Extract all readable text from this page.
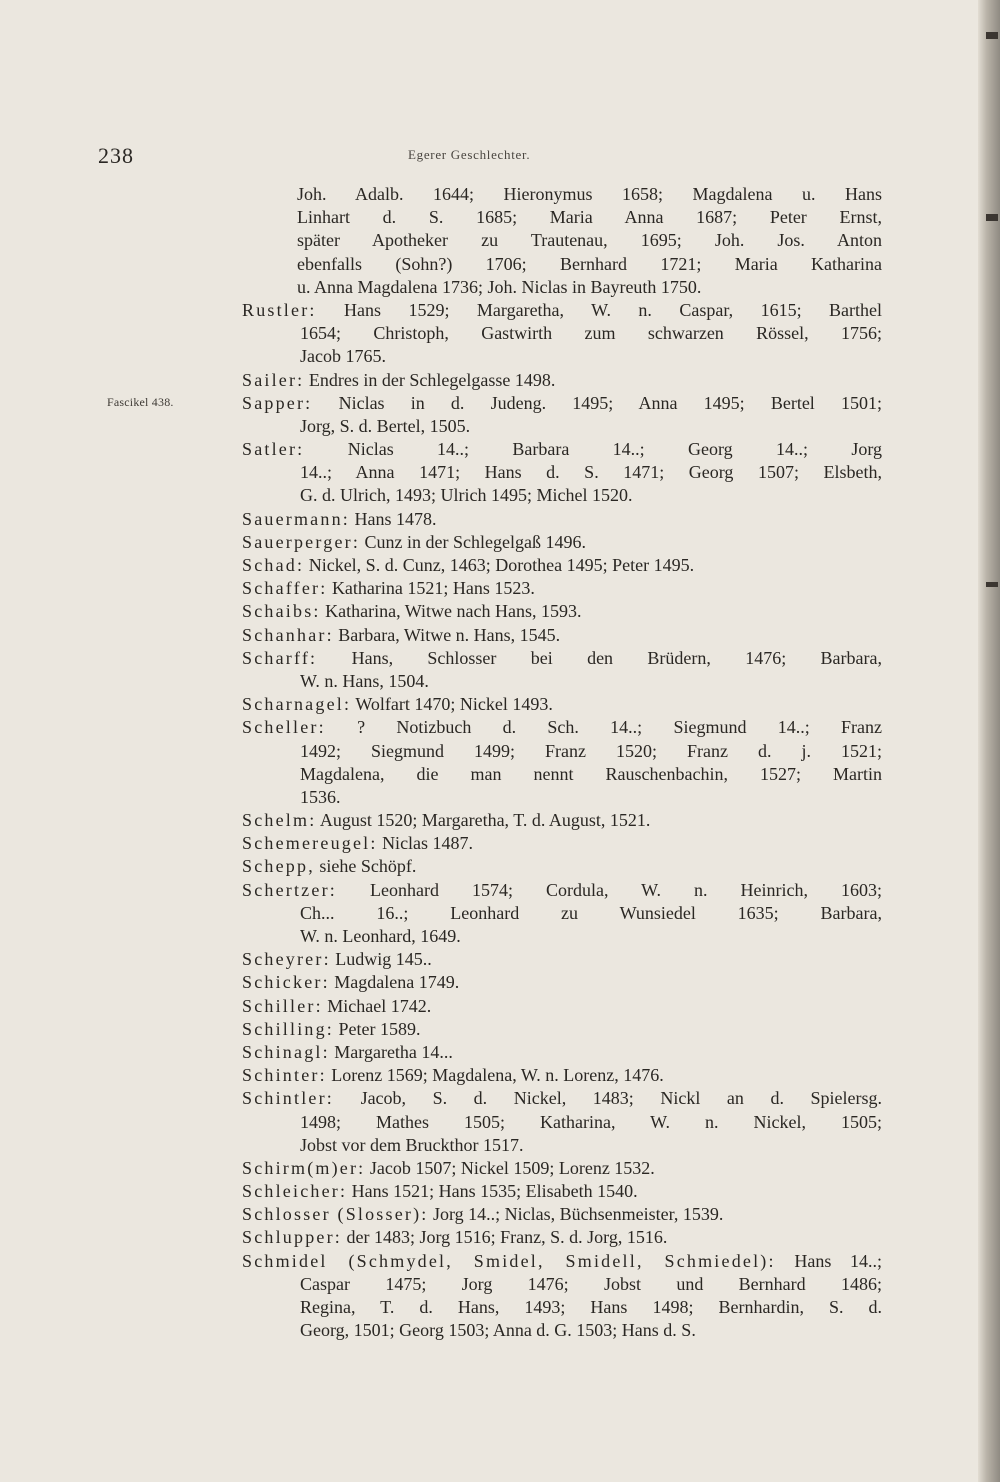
238	Egerer Geschlechter.
Fascikel 438.
Joh. Adalb. 1644; Hieronymus 1658; Magdalena u. Hans
Linhart d. S. 1685; Maria Anna 1687; Peter Ernst,
später Apotheker zu Trautenau, 1695; Joh. Jos. Anton
ebenfalls (Sohn?) 1706; Bernhard 1721; Maria Katharina
u. Anna Magdalena 1736; Joh. Niclas in Bayreuth 1750.
Rustler: Hans 1529; Margaretha, W. n. Caspar, 1615; Barthel
1654; Christoph, Gastwirth zum schwarzen Rössel, 1756;
Jacob 1765.
Sailer: Endres in der Schlegelgasse 1498.
Sapper: Niclas in d. Judeng. 1495; Anna 1495; Bertel 1501;
Jorg, S. d. Bertel, 1505.
Satler: Niclas 14..; Barbara 14..; Georg 14..; Jorg
14..; Anna 1471; Hans d. S. 1471; Georg 1507; Elsbeth,
G. d. Ulrich, 1493; Ulrich 1495; Michel 1520.
Sauermann: Hans 1478.
Sauerperger: Cunz in der Schlegelgaß 1496.
Schad: Nickel, S. d. Cunz, 1463; Dorothea 1495; Peter 1495.
Schaffer: Katharina 1521; Hans 1523.
Schaibs: Katharina, Witwe nach Hans, 1593.
Schanhar: Barbara, Witwe n. Hans, 1545.
Scharff: Hans, Schlosser bei den Brüdern, 1476; Barbara,
W. n. Hans, 1504.
Scharnagel: Wolfart 1470; Nickel 1493.
Scheller: ? Notizbuch d. Sch. 14..; Siegmund 14..; Franz
1492; Siegmund 1499; Franz 1520; Franz d. j. 1521;
Magdalena, die man nennt Rauschenbachin, 1527; Martin
1536.
Schelm: August 1520; Margaretha, T. d. August, 1521.
Schemereugel: Niclas 1487.
Schepp, siehe Schöpf.
Schertzer: Leonhard 1574; Cordula, W. n. Heinrich, 1603;
Ch... 16..; Leonhard zu Wunsiedel 1635; Barbara,
W. n. Leonhard, 1649.
Scheyrer: Ludwig 145..
Schicker: Magdalena 1749.
Schiller: Michael 1742.
Schilling: Peter 1589.
Schinagl: Margaretha 14...
Schinter: Lorenz 1569; Magdalena, W. n. Lorenz, 1476.
Schintler: Jacob, S. d. Nickel, 1483; Nickl an d. Spielersg.
1498; Mathes 1505; Katharina, W. n. Nickel, 1505;
Jobst vor dem Bruckthor 1517.
Schirm(m)er: Jacob 1507; Nickel 1509; Lorenz 1532.
Schleicher: Hans 1521; Hans 1535; Elisabeth 1540.
Schlosser (Slosser): Jorg 14..; Niclas, Büchsenmeister, 1539.
Schlupper: der 1483; Jorg 1516; Franz, S. d. Jorg, 1516.
Schmidel (Schmydel, Smidel, Smidell, Schmiedel): Hans 14..;
Caspar 1475; Jorg 1476; Jobst und Bernhard 1486;
Regina, T. d. Hans, 1493; Hans 1498; Bernhardin, S. d.
Georg, 1501; Georg 1503; Anna d. G. 1503; Hans d. S.
